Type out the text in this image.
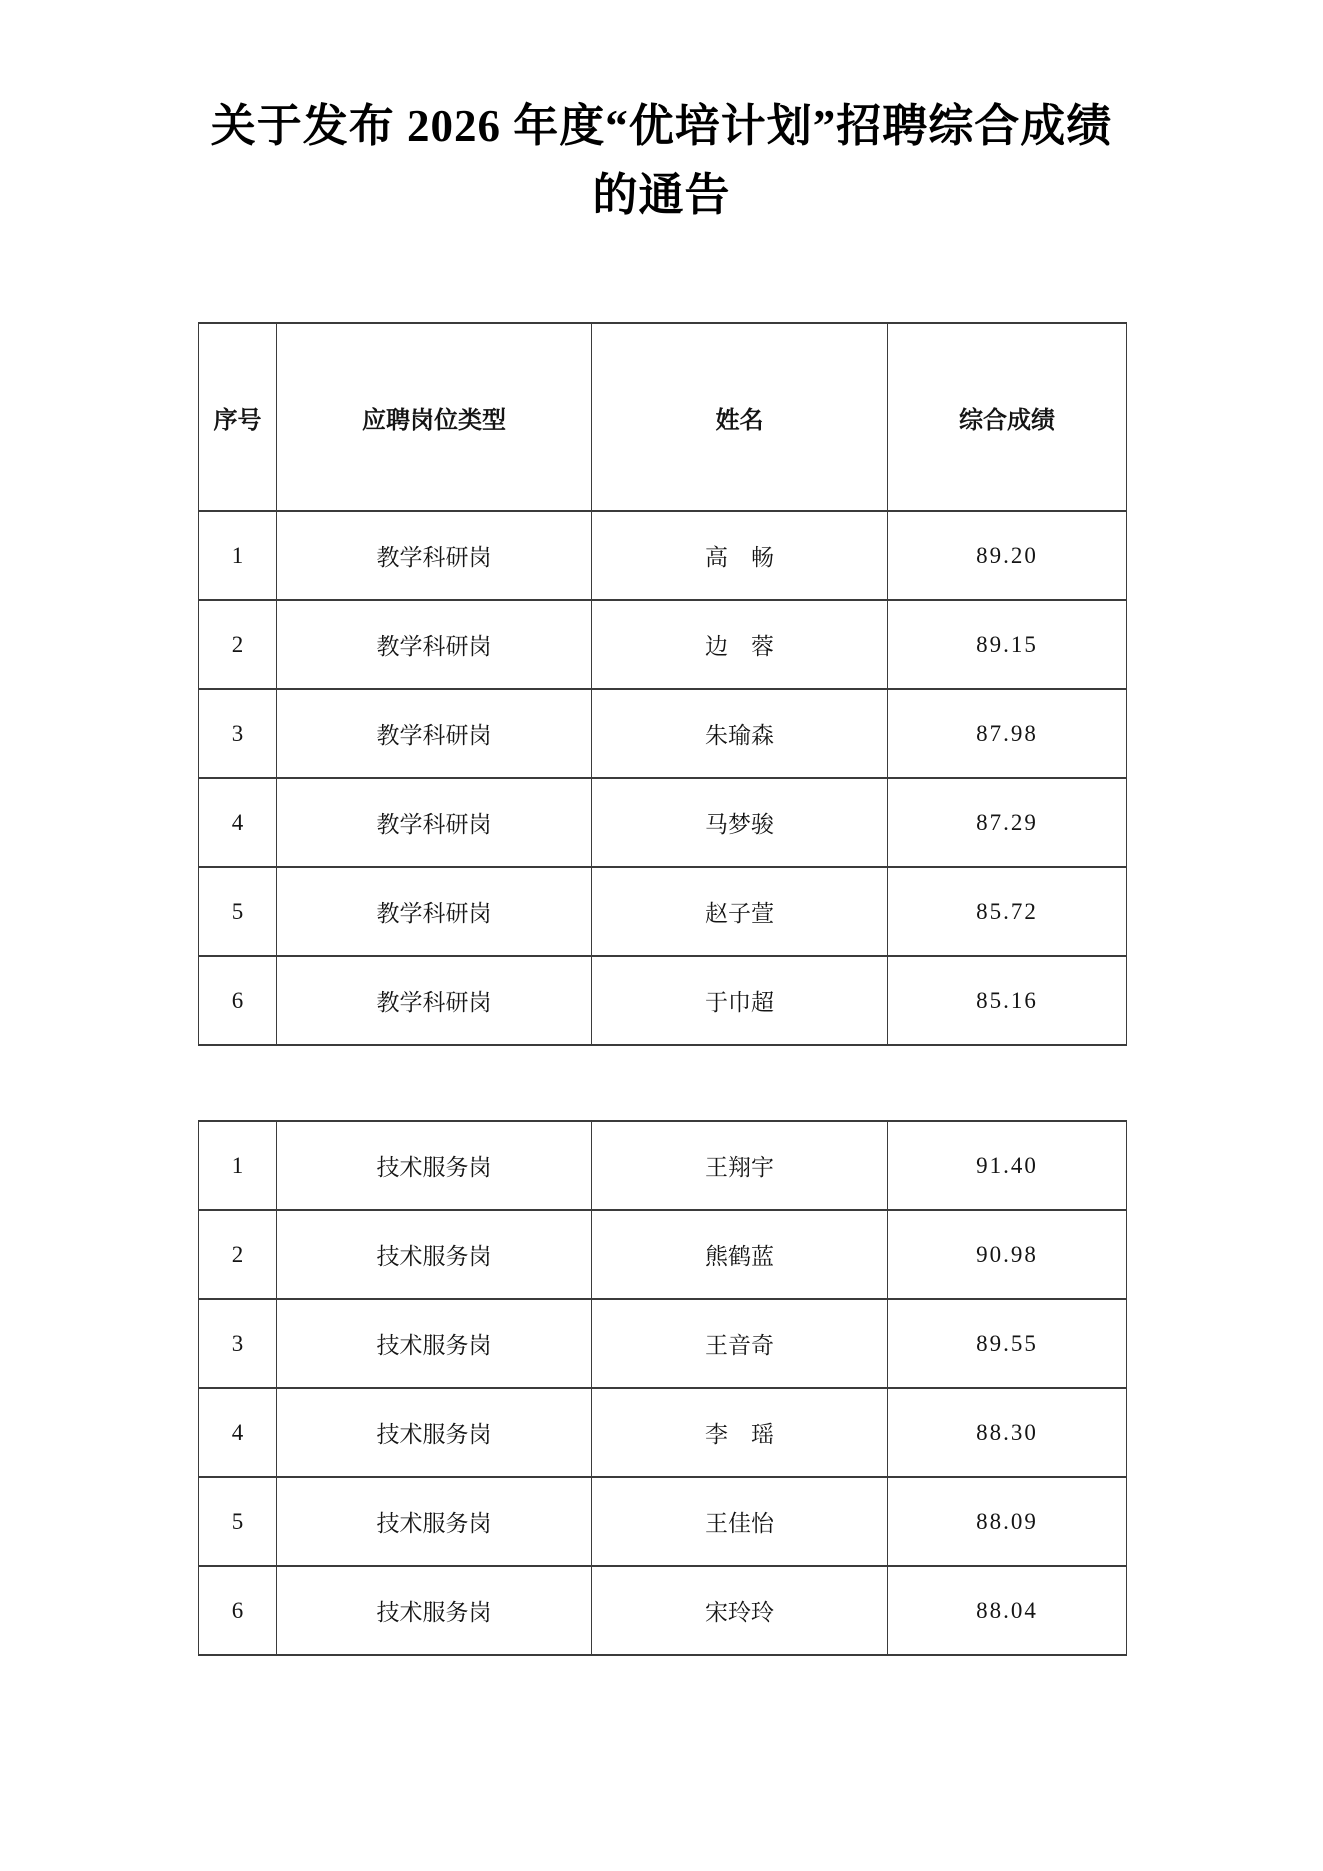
关于发布 2026 年度“优培计划”招聘综合成绩
的通告
序号	应聘岗位类型	姓名	综合成绩
1	教学科研岗	高　畅	89.20
2	教学科研岗	边　蓉	89.15
3	教学科研岗	朱瑜森	87.98
4	教学科研岗	马梦骏	87.29
5	教学科研岗	赵子萱	85.72
6	教学科研岗	于巾超	85.16
1	技术服务岗	王翔宇	91.40
2	技术服务岗	熊鹤蓝	90.98
3	技术服务岗	王音奇	89.55
4	技术服务岗	李　瑶	88.30
5	技术服务岗	王佳怡	88.09
6	技术服务岗	宋玲玲	88.04
